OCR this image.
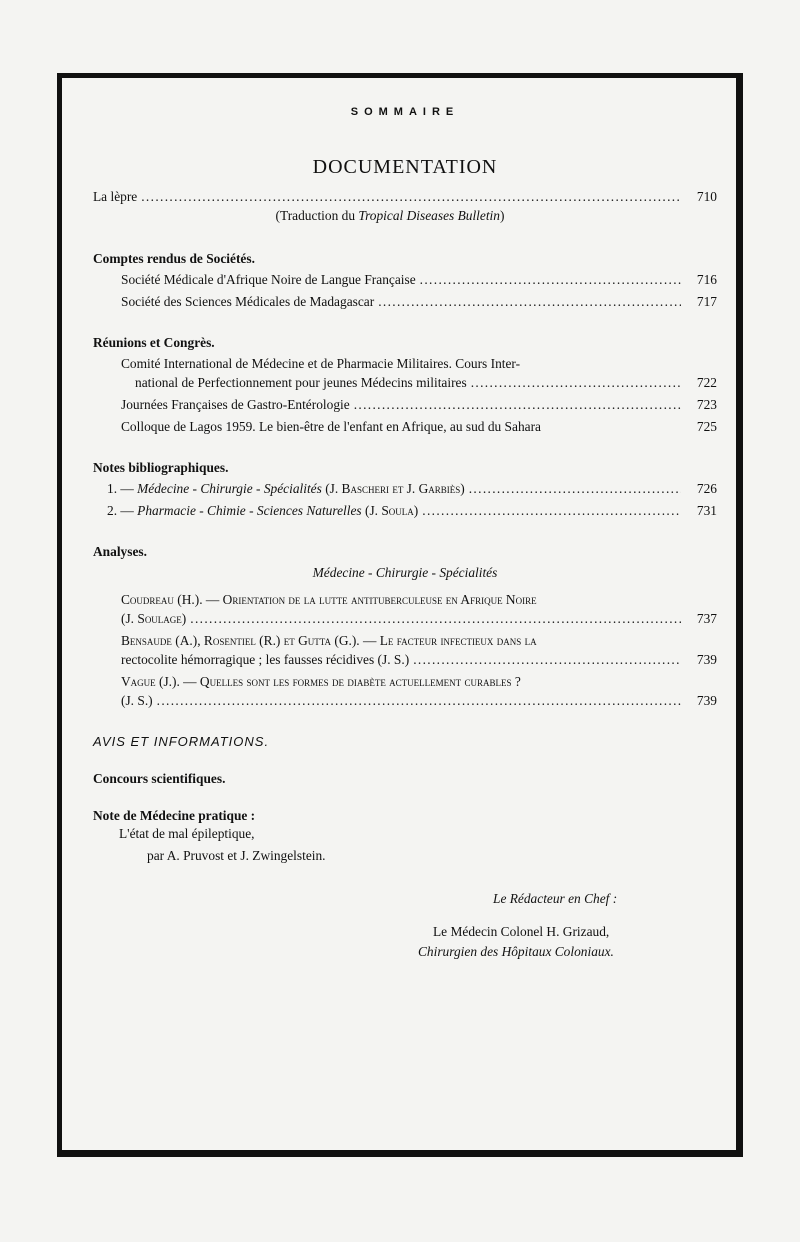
SOMMAIRE
DOCUMENTATION
La lèpre . . .	710
(Traduction du Tropical Diseases Bulletin)
Comptes rendus de Sociétés.
Société Médicale d'Afrique Noire de Langue Française . . .	716
Société des Sciences Médicales de Madagascar . . .	717
Réunions et Congrès.
Comité International de Médecine et de Pharmacie Militaires. Cours Inter-
national de Perfectionnement pour jeunes Médecins militaires . . .	722
Journées Françaises de Gastro-Entérologie . . .	723
Colloque de Lagos 1959. Le bien-être de l'enfant en Afrique, au sud du Sahara	725
Notes bibliographiques.
1. — Médecine - Chirurgie - Spécialités (J. Bascheri et J. Garbiès) . . .	726
2. — Pharmacie - Chimie - Sciences Naturelles (J. Soula) . . .	731
Analyses.
Médecine - Chirurgie - Spécialités
Coudreau (H.). — Orientation de la lutte antituberculeuse en Afrique Noire
(J. Soulage) . . .	737
Bensaude (A.), Rosentiel (R.) et Gutta (G.). — Le facteur infectieux dans la
rectocolite hémorragique ; les fausses récidives (J. S.) . . .	739
Vague (J.). — Quelles sont les formes de diabète actuellement curables ?
(J. S.) . . .	739
AVIS ET INFORMATIONS.
Concours scientifiques.
Note de Médecine pratique :
L'état de mal épileptique,
par A. Pruvost et J. Zwingelstein.
Le Rédacteur en Chef :
Le Médecin Colonel H. Grizaud,
Chirurgien des Hôpitaux Coloniaux.
